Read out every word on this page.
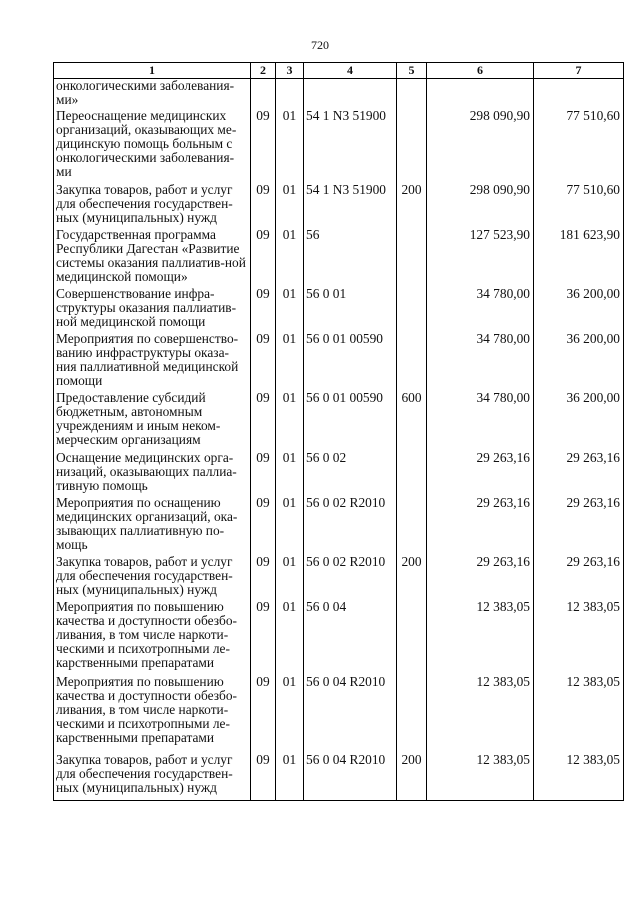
720
1	2	3	4	5	6	7
онкологическими заболевания-ми»						
Переоснащение медицинских организаций, оказывающих ме-дицинскую помощь больным с онкологическими заболевания-ми	09	01	54 1 N3 51900		298 090,90	77 510,60
Закупка товаров, работ и услуг для обеспечения государствен-ных (муниципальных) нужд	09	01	54 1 N3 51900	200	298 090,90	77 510,60
Государственная программа Республики Дагестан «Развитие системы оказания паллиатив-ной медицинской помощи»	09	01	56		127 523,90	181 623,90
Совершенствование инфра-структуры оказания паллиатив-ной медицинской помощи	09	01	56 0 01		34 780,00	36 200,00
Мероприятия по совершенство-ванию инфраструктуры оказа-ния паллиативной медицинской помощи	09	01	56 0 01 00590		34 780,00	36 200,00
Предоставление субсидий бюджетным, автономным учреждениям и иным неком-мерческим организациям	09	01	56 0 01 00590	600	34 780,00	36 200,00
Оснащение медицинских орга-низаций, оказывающих паллиа-тивную помощь	09	01	56 0 02		29 263,16	29 263,16
Мероприятия по оснащению медицинских организаций, ока-зывающих паллиативную по-мощь	09	01	56 0 02 R2010		29 263,16	29 263,16
Закупка товаров, работ и услуг для обеспечения государствен-ных (муниципальных) нужд	09	01	56 0 02 R2010	200	29 263,16	29 263,16
Мероприятия по повышению качества и доступности обезбо-ливания, в том числе наркоти-ческими и психотропными ле-карственными препаратами	09	01	56 0 04		12 383,05	12 383,05
Мероприятия по повышению качества и доступности обезбо-ливания, в том числе наркоти-ческими и психотропными ле-карственными препаратами	09	01	56 0 04 R2010		12 383,05	12 383,05
Закупка товаров, работ и услуг для обеспечения государствен-ных (муниципальных) нужд	09	01	56 0 04 R2010	200	12 383,05	12 383,05
